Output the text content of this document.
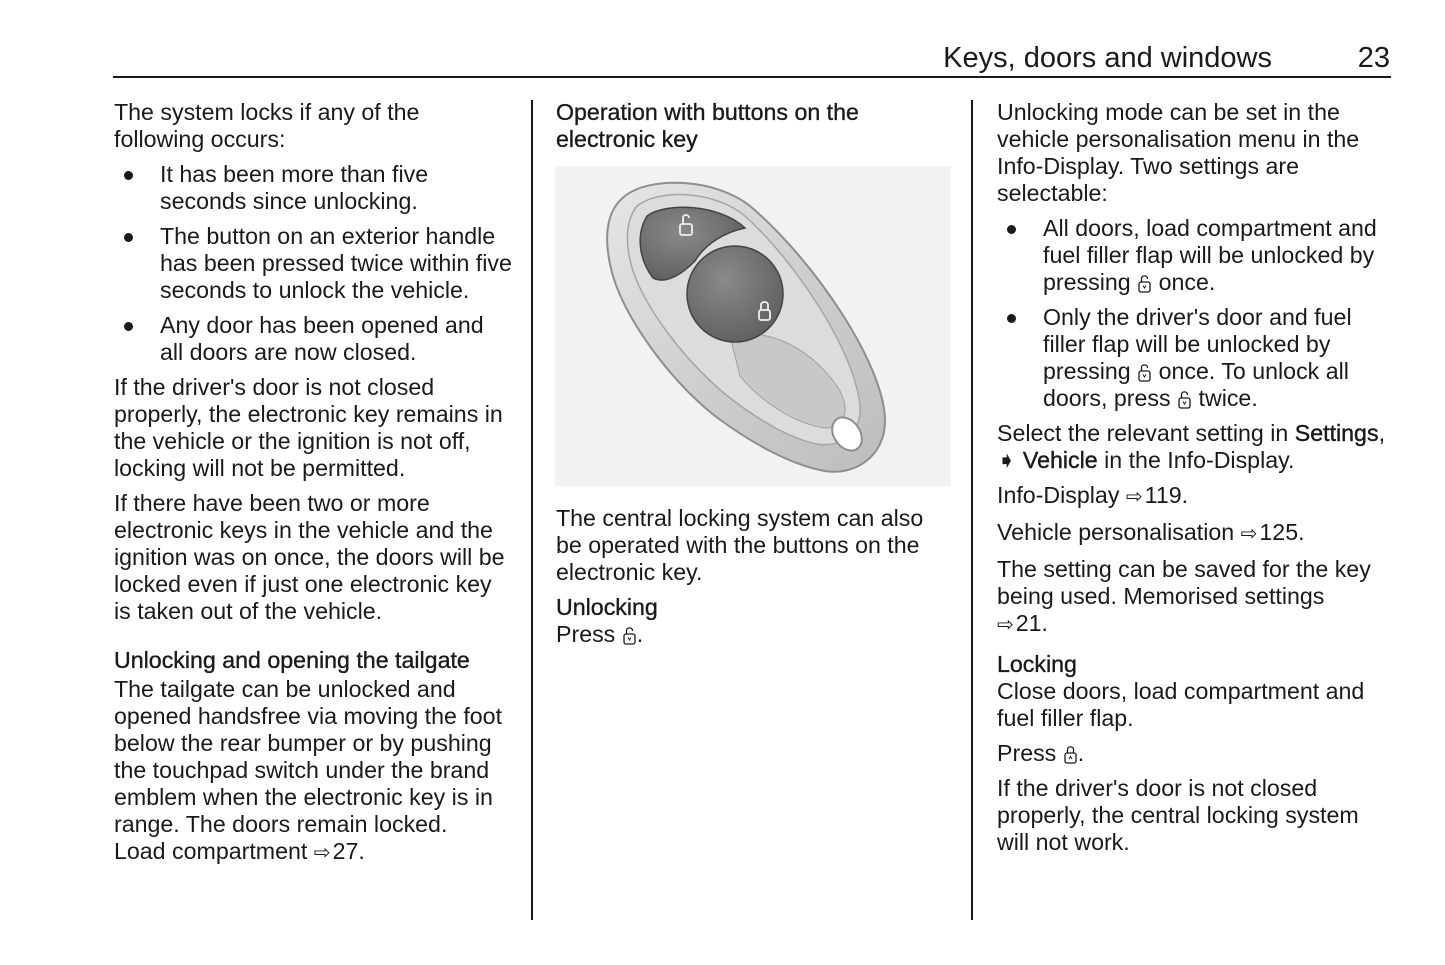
Keys, doors and windows	23

The system locks if any of the following occurs:

It has been more than five seconds since unlocking.
The button on an exterior handle has been pressed twice within five seconds to unlock the vehicle.
Any door has been opened and all doors are now closed.

If the driver's door is not closed properly, the electronic key remains in the vehicle or the ignition is not off, locking will not be permitted.

If there have been two or more electronic keys in the vehicle and the ignition was on once, the doors will be locked even if just one electronic key is taken out of the vehicle.

Unlocking and opening the tailgate

The tailgate can be unlocked and opened handsfree via moving the foot below the rear bumper or by pushing the touchpad switch under the brand emblem when the electronic key is in range. The doors remain locked.
Load compartment ⇨27.

Operation with buttons on the electronic key

The central locking system can also be operated with the buttons on the electronic key.

Unlocking

Press .

Unlocking mode can be set in the vehicle personalisation menu in the Info-Display. Two settings are selectable:

All doors, load compartment and fuel filler flap will be unlocked by pressing once.
Only the driver's door and fuel filler flap will be unlocked by pressing once. To unlock all doors, press twice.

Select the relevant setting in Settings, ➧ Vehicle in the Info-Display.

Info-Display ⇨119.

Vehicle personalisation ⇨125.

The setting can be saved for the key being used. Memorised settings
⇨21.

Locking

Close doors, load compartment and fuel filler flap.

Press .

If the driver's door is not closed properly, the central locking system will not work.
